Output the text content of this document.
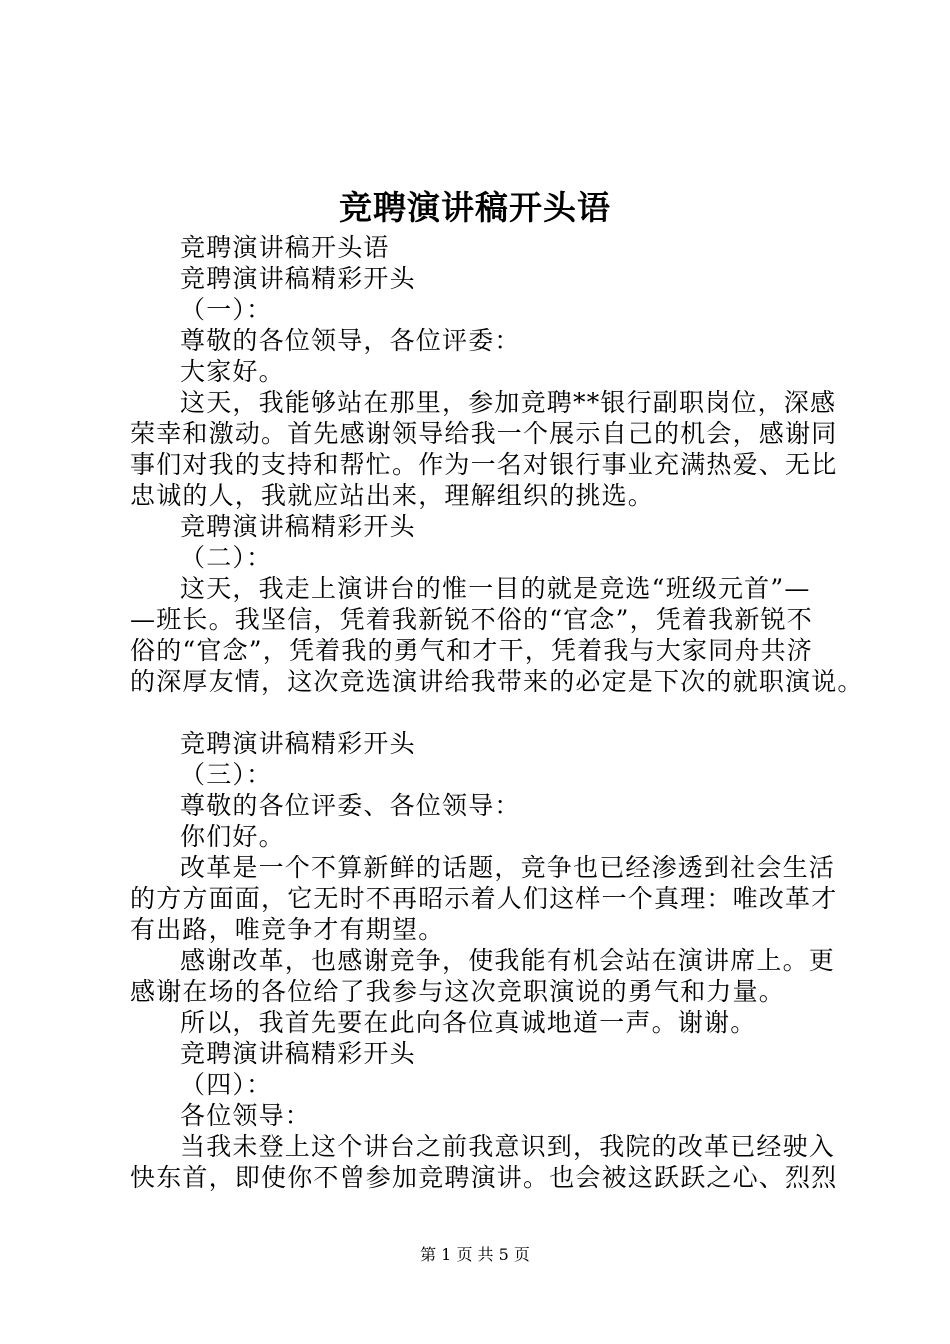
竞聘演讲稿开头语
竞聘演讲稿开头语
竞聘演讲稿精彩开头
（一）：
尊敬的各位领导，各位评委：
大家好。
这天，我能够站在那里，参加竞聘**银行副职岗位，深感
荣幸和激动。首先感谢领导给我一个展示自己的机会，感谢同
事们对我的支持和帮忙。作为一名对银行事业充满热爱、无比
忠诚的人，我就应站出来，理解组织的挑选。
竞聘演讲稿精彩开头
（二）：
这天，我走上演讲台的惟一目的就是竞选“班级元首”—
—班长。我坚信，凭着我新锐不俗的“官念”，凭着我新锐不
俗的“官念”，凭着我的勇气和才干，凭着我与大家同舟共济
的深厚友情，这次竞选演讲给我带来的必定是下次的就职演说。
竞聘演讲稿精彩开头
（三）：
尊敬的各位评委、各位领导：
你们好。
改革是一个不算新鲜的话题，竞争也已经渗透到社会生活
的方方面面，它无时不再昭示着人们这样一个真理：唯改革才
有出路，唯竞争才有期望。
感谢改革，也感谢竞争，使我能有机会站在演讲席上。更
感谢在场的各位给了我参与这次竞职演说的勇气和力量。
所以，我首先要在此向各位真诚地道一声。谢谢。
竞聘演讲稿精彩开头
（四）：
各位领导：
当我未登上这个讲台之前我意识到，我院的改革已经驶入
快东首，即使你不曾参加竞聘演讲。也会被这跃跃之心、烈烈
第 1 页 共 5 页
